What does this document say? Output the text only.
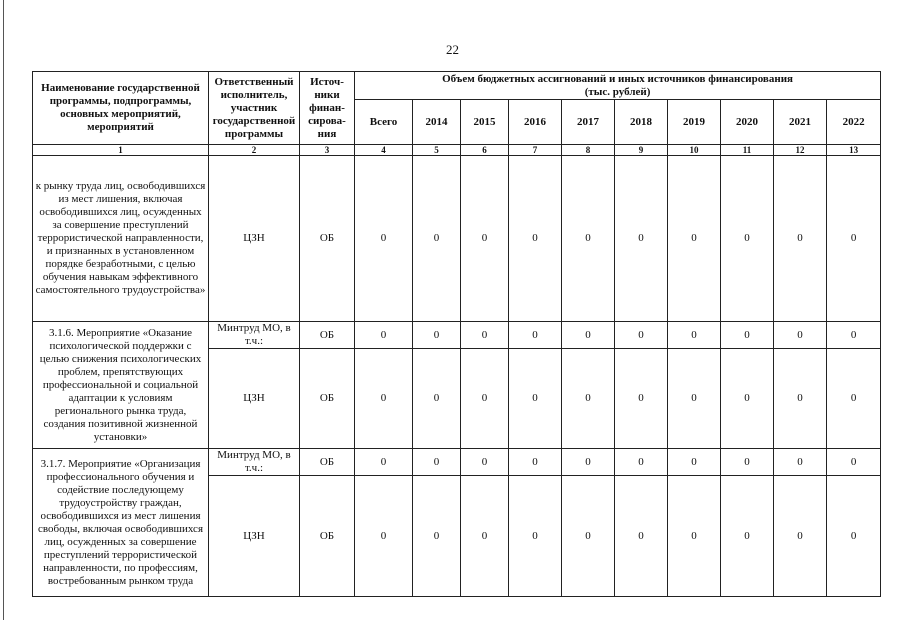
22
Наименование государственной программы, подпрограммы, основных мероприятий, мероприятий	Ответственный исполнитель, участник государственной программы	Источ-ники финан-сирова-ния	Объем бюджетных ассигнований и иных источников финансирования
(тыс. рублей)									
			Всего	2014	2015	2016	2017	2018	2019	2020	2021	2022
1	2	3	4	5	6	7	8	9	10	11	12	13
к рынку труда лиц, освободившихся из мест лишения, включая освободившихся лиц, осужденных за совершение преступлений террористической направленности, и признанных в установленном порядке безработными, с целью обучения навыкам эффективного самостоятельного трудоустройства»	ЦЗН	ОБ	0	0	0	0	0	0	0	0	0	0
3.1.6. Мероприятие «Оказание психологической поддержки с целью снижения психологических проблем, препятствующих профессиональной и социальной адаптации к условиям регионального рынка труда, создания позитивной жизненной установки»	Минтруд МО, в т.ч.:	ОБ	0	0	0	0	0	0	0	0	0	0
	ЦЗН	ОБ	0	0	0	0	0	0	0	0	0	0
3.1.7. Мероприятие «Организация профессионального обучения и содействие последующему трудоустройству граждан, освободившихся из мест лишения свободы, включая освободившихся лиц, осужденных за совершение преступлений террористической направленности, по профессиям, востребованным рынком труда	Минтруд МО, в т.ч.:	ОБ	0	0	0	0	0	0	0	0	0	0
	ЦЗН	ОБ	0	0	0	0	0	0	0	0	0	0
